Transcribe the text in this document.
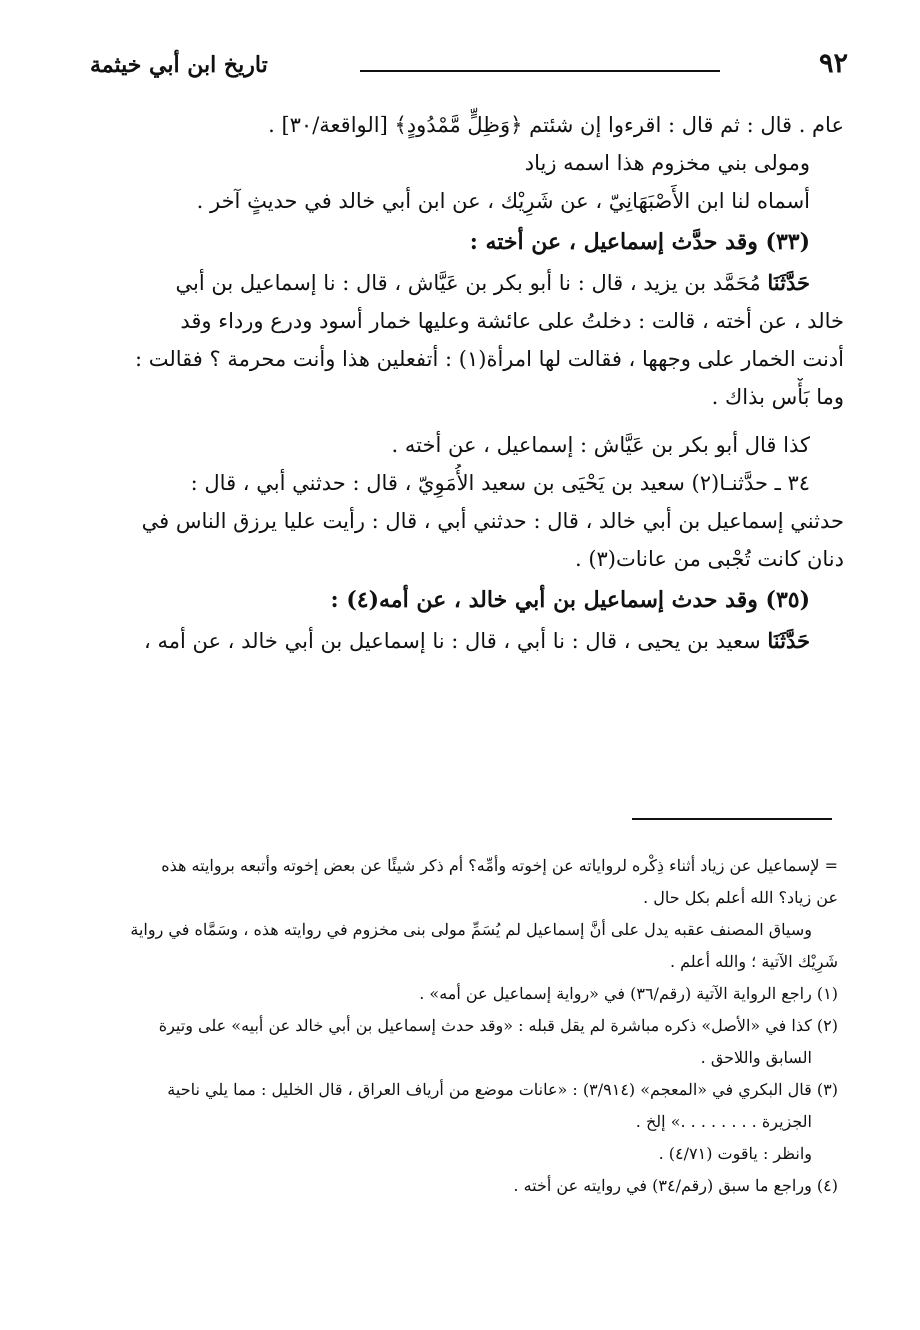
٩٢
تاريخ ابن أبي خيثمة
عام . قال : ثم قال : اقرءوا إن شئتم ﴿وَظِلٍّ مَّمْدُودٍ﴾ [الواقعة/٣٠] .
ومولى بني مخزوم هذا اسمه زياد
أسماه لنا ابن الأَصْبَهَانِيّ ، عن شَرِيْك ، عن ابن أبي خالد في حديثٍ آخر .
(٣٣) وقد حدَّث إسماعيل ، عن أخته :
حَدَّثَنَا مُحَمَّد بن يزيد ، قال : نا أبو بكر بن عَيَّاش ، قال : نا إسماعيل بن أبي
خالد ، عن أخته ، قالت : دخلتُ على عائشة وعليها خمار أسود ودرع ورداء وقد
أدنت الخمار على وجهها ، فقالت لها امرأة(١) : أتفعلين هذا وأنت محرمة ؟ فقالت :
وما بَأْس بذاك .
كذا قال أبو بكر بن عَيَّاش : إسماعيل ، عن أخته .
٣٤ ـ حدَّثنـا(٢) سعيد بن يَحْيَى بن سعيد الأُمَوِيّ ، قال : حدثني أبي ، قال :
حدثني إسماعيل بن أبي خالد ، قال : حدثني أبي ، قال : رأيت عليا يرزق الناس في
دنان كانت تُجْبى من عانات(٣) .
(٣٥) وقد حدث إسماعيل بن أبي خالد ، عن أمه(٤) :
حَدَّثَنَا سعيد بن يحيى ، قال : نا أبي ، قال : نا إسماعيل بن أبي خالد ، عن أمه ،
= لإسماعيل عن زياد أثناء ذِكْره لرواياته عن إخوته وأمِّه؟ أم ذكر شيئًا عن بعض إخوته وأتبعه بروايته هذه
عن زياد؟ الله أعلم بكل حال .
وسياق المصنف عقبه يدل على أنَّ إسماعيل لم يُسَمِّ مولى بنى مخزوم في روايته هذه ، وسَمَّاه في رواية
شَرِيْك الآتية ؛ والله أعلم .
(١) راجع الرواية الآتية (رقم/٣٦) في «رواية إسماعيل عن أمه» .
(٢) كذا في «الأصل» ذكره مباشرة لم يقل قبله : «وقد حدث إسماعيل بن أبي خالد عن أبيه» على وتيرة
السابق واللاحق .
(٣) قال البكري في «المعجم» (٣/٩١٤) : «عانات موضع من أرياف العراق ، قال الخليل : مما يلي ناحية
الجزيرة . . . . . . . .» إلخ .
وانظر : ياقوت (٤/٧١) .
(٤) وراجع ما سبق (رقم/٣٤) في روايته عن أخته .
